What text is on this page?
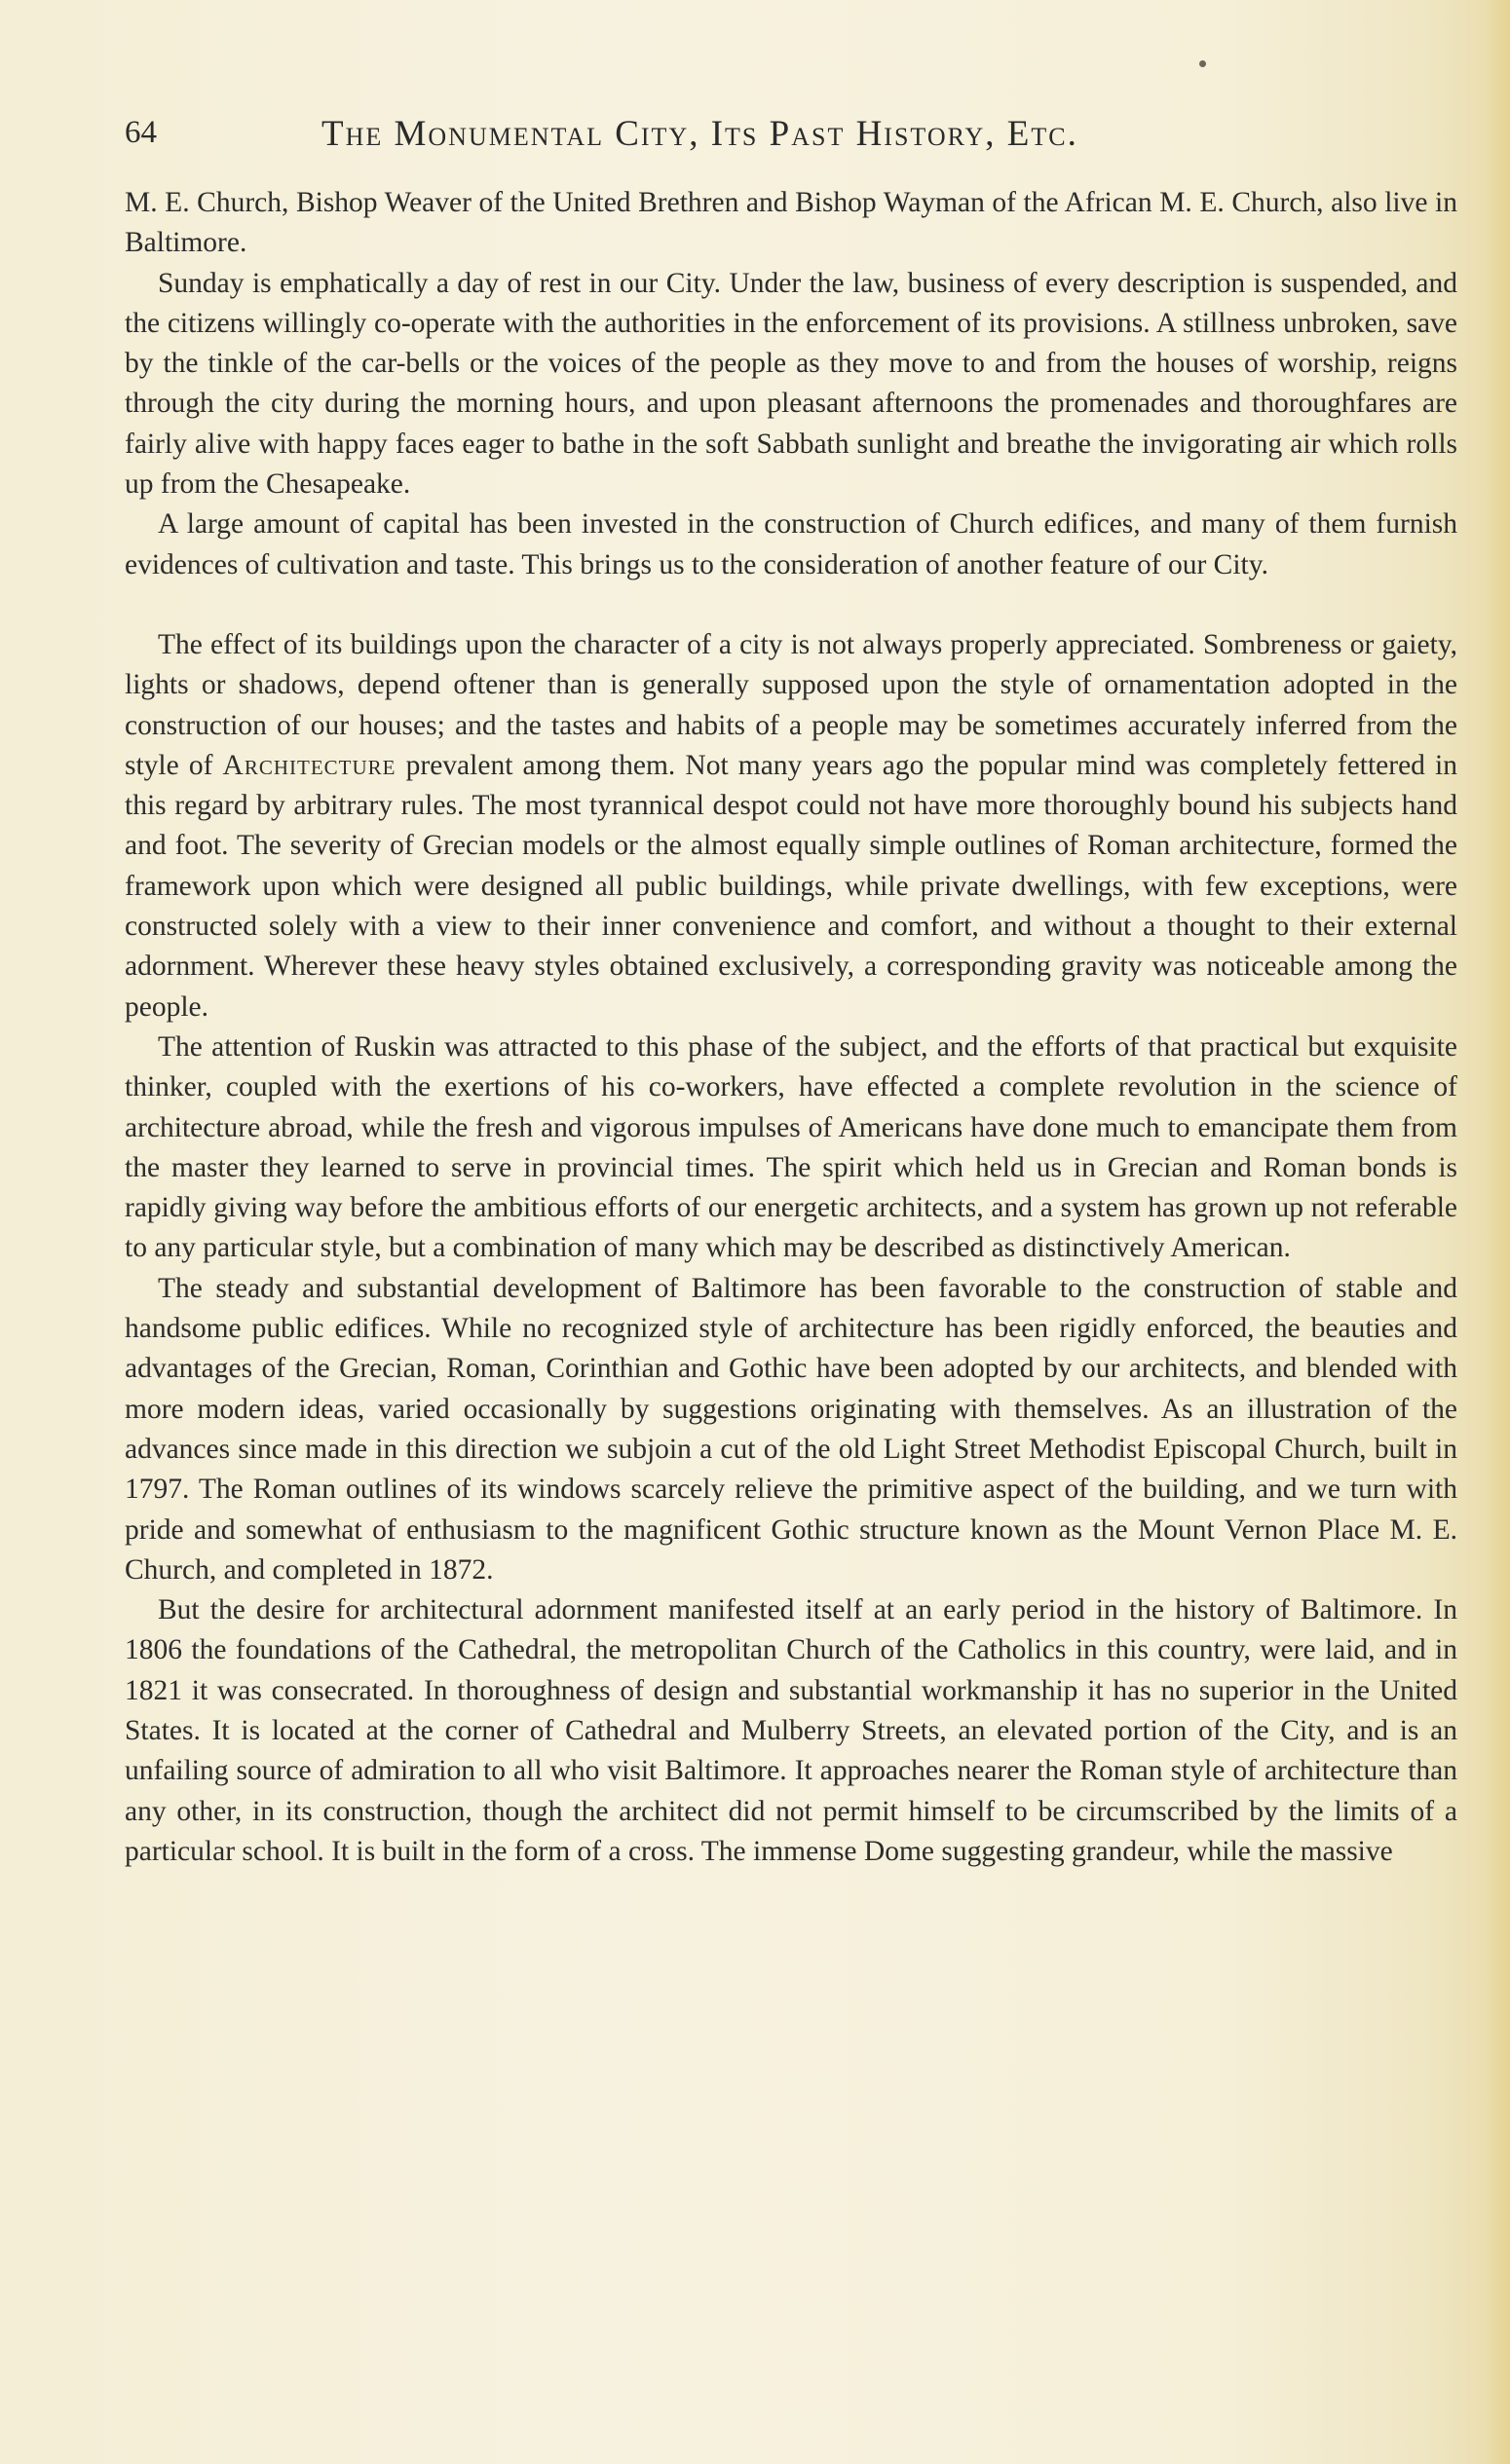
64	The Monumental City, Its Past History, Etc.

M. E. Church, Bishop Weaver of the United Brethren and Bishop Wayman of the African M. E. Church, also live in Baltimore.

Sunday is emphatically a day of rest in our City. Under the law, business of every description is suspended, and the citizens willingly co-operate with the authorities in the enforcement of its provisions. A stillness unbroken, save by the tinkle of the car-bells or the voices of the people as they move to and from the houses of worship, reigns through the city during the morning hours, and upon pleasant afternoons the promenades and thoroughfares are fairly alive with happy faces eager to bathe in the soft Sabbath sunlight and breathe the invigorating air which rolls up from the Chesapeake.

A large amount of capital has been invested in the construction of Church edifices, and many of them furnish evidences of cultivation and taste. This brings us to the consideration of another feature of our City.

The effect of its buildings upon the character of a city is not always properly appreciated. Sombreness or gaiety, lights or shadows, depend oftener than is generally supposed upon the style of ornamentation adopted in the construction of our houses; and the tastes and habits of a people may be sometimes accurately inferred from the style of Architecture prevalent among them. Not many years ago the popular mind was completely fettered in this regard by arbitrary rules. The most tyrannical despot could not have more thoroughly bound his subjects hand and foot. The severity of Grecian models or the almost equally simple outlines of Roman architecture, formed the framework upon which were designed all public buildings, while private dwellings, with few exceptions, were constructed solely with a view to their inner convenience and comfort, and without a thought to their external adornment. Wherever these heavy styles obtained exclusively, a corresponding gravity was noticeable among the people.

The attention of Ruskin was attracted to this phase of the subject, and the efforts of that practical but exquisite thinker, coupled with the exertions of his co-workers, have effected a complete revolution in the science of architecture abroad, while the fresh and vigorous impulses of Americans have done much to emancipate them from the master they learned to serve in provincial times. The spirit which held us in Grecian and Roman bonds is rapidly giving way before the ambitious efforts of our energetic architects, and a system has grown up not referable to any particular style, but a combination of many which may be described as distinctively American.

The steady and substantial development of Baltimore has been favorable to the construction of stable and handsome public edifices. While no recognized style of architecture has been rigidly enforced, the beauties and advantages of the Grecian, Roman, Corinthian and Gothic have been adopted by our architects, and blended with more modern ideas, varied occasionally by suggestions originating with themselves. As an illustration of the advances since made in this direction we subjoin a cut of the old Light Street Methodist Episcopal Church, built in 1797. The Roman outlines of its windows scarcely relieve the primitive aspect of the building, and we turn with pride and somewhat of enthusiasm to the magnificent Gothic structure known as the Mount Vernon Place M. E. Church, and completed in 1872.

But the desire for architectural adornment manifested itself at an early period in the history of Baltimore. In 1806 the foundations of the Cathedral, the metropolitan Church of the Catholics in this country, were laid, and in 1821 it was consecrated. In thoroughness of design and substantial workmanship it has no superior in the United States. It is located at the corner of Cathedral and Mulberry Streets, an elevated portion of the City, and is an unfailing source of admiration to all who visit Baltimore. It approaches nearer the Roman style of architecture than any other, in its construction, though the architect did not permit himself to be circumscribed by the limits of a particular school. It is built in the form of a cross. The immense Dome suggesting grandeur, while the massive
